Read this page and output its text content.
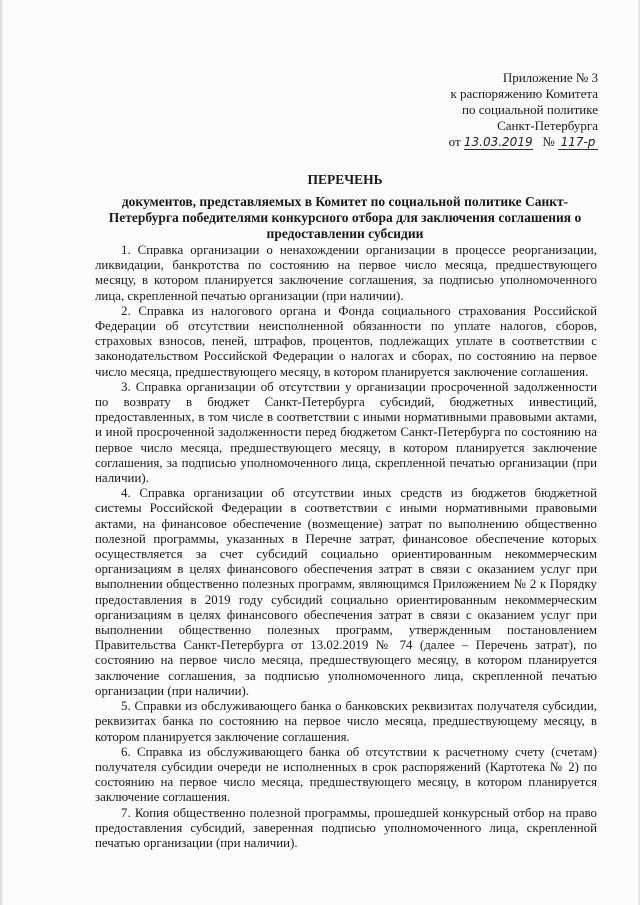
Приложение № 3
к распоряжению Комитета
по социальной политике
Санкт-Петербурга
от 13.03.2019 № 117-р
ПЕРЕЧЕНЬ
документов, представляемых в Комитет по социальной политике Санкт-Петербурга победителями конкурсного отбора для заключения соглашения о предоставлении субсидии

1. Справка организации о ненахождении организации в процессе реорганизации, ликвидации, банкротства по состоянию на первое число месяца, предшествующего месяцу, в котором планируется заключение соглашения, за подписью уполномоченного лица, скрепленной печатью организации (при наличии).

2. Справка из налогового органа и Фонда социального страхования Российской Федерации об отсутствии неисполненной обязанности по уплате налогов, сборов, страховых взносов, пеней, штрафов, процентов, подлежащих уплате в соответствии с законодательством Российской Федерации о налогах и сборах, по состоянию на первое число месяца, предшествующего месяцу, в котором планируется заключение соглашения.

3. Справка организации об отсутствии у организации просроченной задолженности по возврату в бюджет Санкт-Петербурга субсидий, бюджетных инвестиций, предоставленных, в том числе в соответствии с иными нормативными правовыми актами, и иной просроченной задолженности перед бюджетом Санкт-Петербурга по состоянию на первое число месяца, предшествующего месяцу, в котором планируется заключение соглашения, за подписью уполномоченного лица, скрепленной печатью организации (при наличии).

4. Справка организации об отсутствии иных средств из бюджетов бюджетной системы Российской Федерации в соответствии с иными нормативными правовыми актами, на финансовое обеспечение (возмещение) затрат по выполнению общественно полезной программы, указанных в Перечне затрат, финансовое обеспечение которых осуществляется за счет субсидий социально ориентированным некоммерческим организациям в целях финансового обеспечения затрат в связи с оказанием услуг при выполнении общественно полезных программ, являющимся Приложением № 2 к Порядку предоставления в 2019 году субсидий социально ориентированным некоммерческим организациям в целях финансового обеспечения затрат в связи с оказанием услуг при выполнении общественно полезных программ, утвержденным постановлением Правительства Санкт-Петербурга от 13.02.2019 № 74 (далее – Перечень затрат), по состоянию на первое число месяца, предшествующего месяцу, в котором планируется заключение соглашения, за подписью уполномоченного лица, скрепленной печатью организации (при наличии).

5. Справки из обслуживающего банка о банковских реквизитах получателя субсидии, реквизитах банка по состоянию на первое число месяца, предшествующему месяцу, в котором планируется заключение соглашения.

6. Справка из обслуживающего банка об отсутствии к расчетному счету (счетам) получателя субсидии очереди не исполненных в срок распоряжений (Картотека № 2) по состоянию на первое число месяца, предшествующего месяцу, в котором планируется заключение соглашения.

7. Копия общественно полезной программы, прошедшей конкурсный отбор на право предоставления субсидий, заверенная подписью уполномоченного лица, скрепленной печатью организации (при наличии).
